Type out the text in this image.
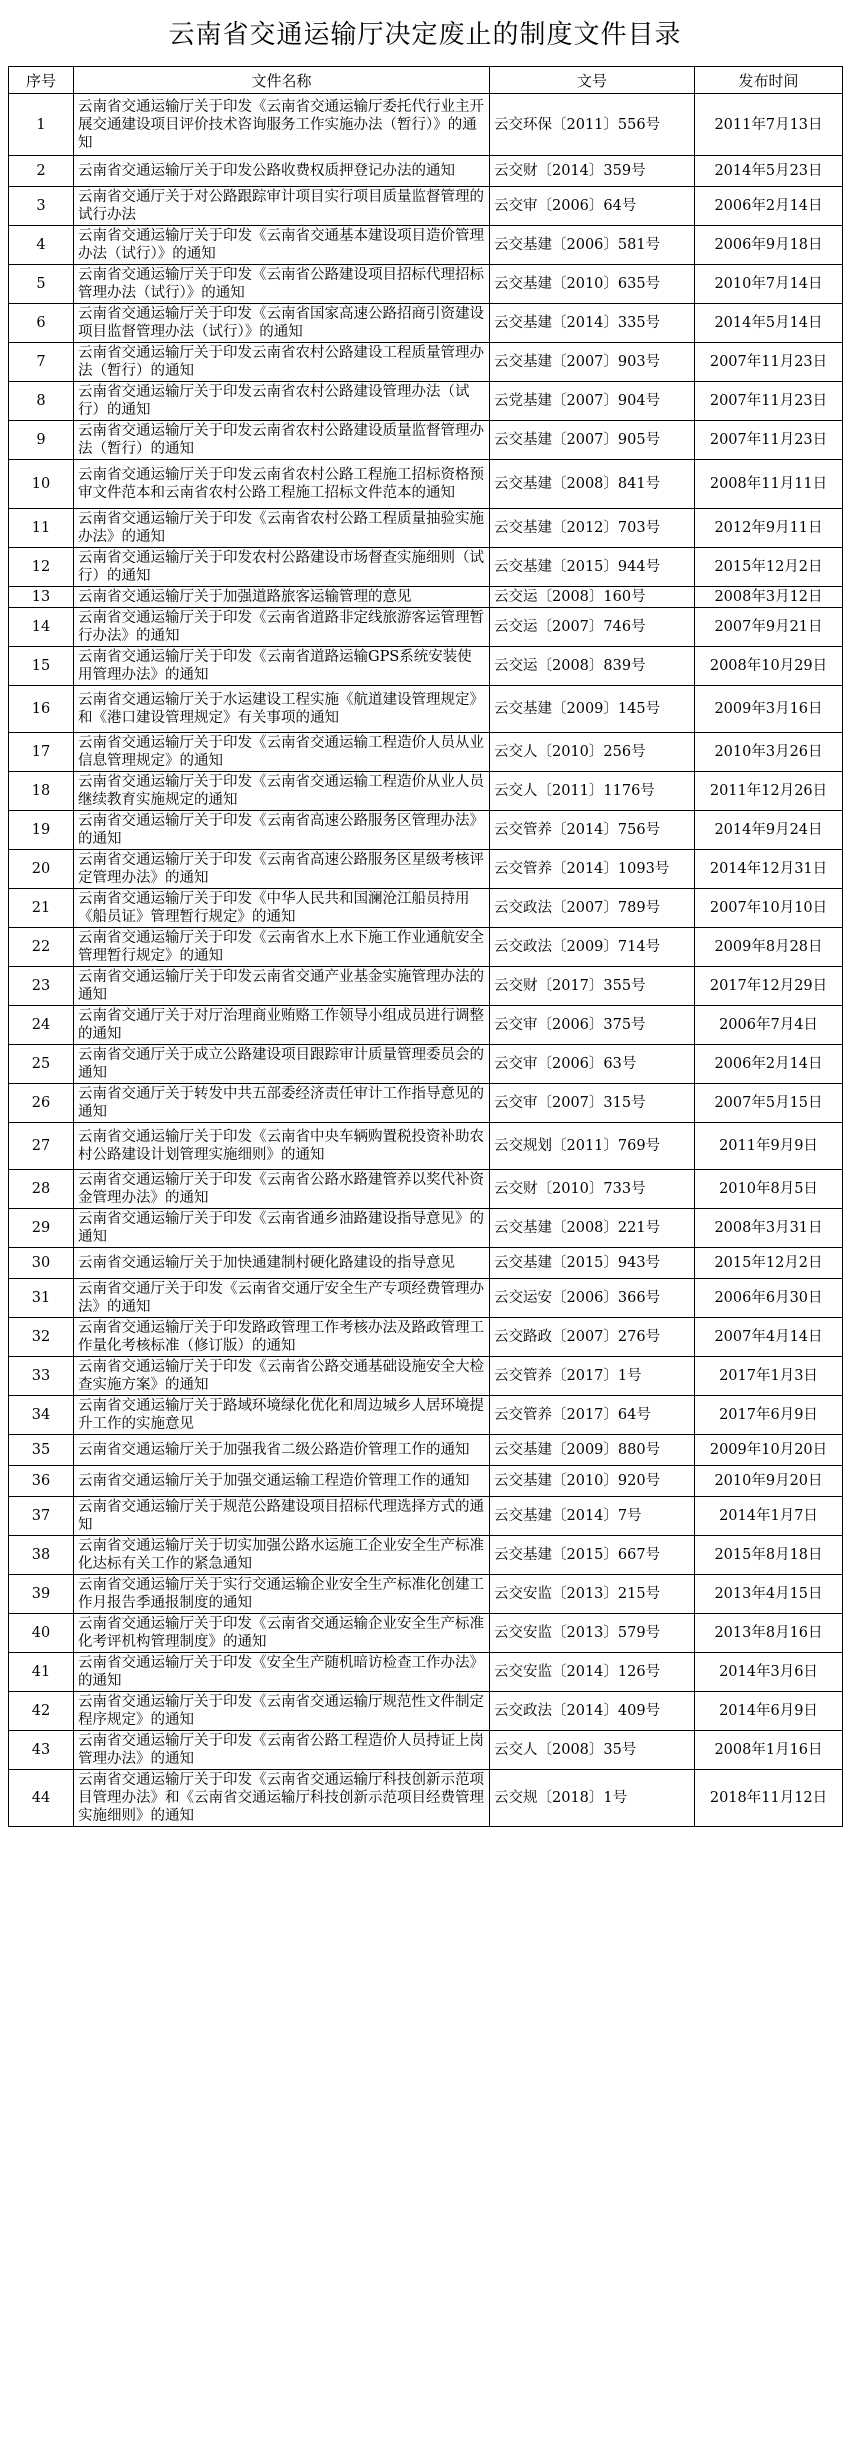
云南省交通运输厅决定废止的制度文件目录
序号	文件名称	文号	发布时间
1	云南省交通运输厅关于印发《云南省交通运输厅委托代行业主开展交通建设项目评价技术咨询服务工作实施办法（暂行）》的通知	云交环保〔2011〕556号	2011年7月13日
2	云南省交通运输厅关于印发公路收费权质押登记办法的通知	云交财〔2014〕359号	2014年5月23日
3	云南省交通厅关于对公路跟踪审计项目实行项目质量监督管理的试行办法	云交审〔2006〕64号	2006年2月14日
4	云南省交通运输厅关于印发《云南省交通基本建设项目造价管理办法（试行）》的通知	云交基建〔2006〕581号	2006年9月18日
5	云南省交通运输厅关于印发《云南省公路建设项目招标代理招标管理办法（试行）》的通知	云交基建〔2010〕635号	2010年7月14日
6	云南省交通运输厅关于印发《云南省国家高速公路招商引资建设项目监督管理办法（试行）》的通知	云交基建〔2014〕335号	2014年5月14日
7	云南省交通运输厅关于印发云南省农村公路建设工程质量管理办法（暂行）的通知	云交基建〔2007〕903号	2007年11月23日
8	云南省交通运输厅关于印发云南省农村公路建设管理办法（试行）的通知	云党基建〔2007〕904号	2007年11月23日
9	云南省交通运输厅关于印发云南省农村公路建设质量监督管理办法（暂行）的通知	云交基建〔2007〕905号	2007年11月23日
10	云南省交通运输厅关于印发云南省农村公路工程施工招标资格预审文件范本和云南省农村公路工程施工招标文件范本的通知	云交基建〔2008〕841号	2008年11月11日
11	云南省交通运输厅关于印发《云南省农村公路工程质量抽验实施办法》的通知	云交基建〔2012〕703号	2012年9月11日
12	云南省交通运输厅关于印发农村公路建设市场督查实施细则（试行）的通知	云交基建〔2015〕944号	2015年12月2日
13	云南省交通运输厅关于加强道路旅客运输管理的意见	云交运〔2008〕160号	2008年3月12日
14	云南省交通运输厅关于印发《云南省道路非定线旅游客运管理暂行办法》的通知	云交运〔2007〕746号	2007年9月21日
15	云南省交通运输厅关于印发《云南省道路运输GPS系统安装使用管理办法》的通知	云交运〔2008〕839号	2008年10月29日
16	云南省交通运输厅关于水运建设工程实施《航道建设管理规定》和《港口建设管理规定》有关事项的通知	云交基建〔2009〕145号	2009年3月16日
17	云南省交通运输厅关于印发《云南省交通运输工程造价人员从业信息管理规定》的通知	云交人〔2010〕256号	2010年3月26日
18	云南省交通运输厅关于印发《云南省交通运输工程造价从业人员继续教育实施规定的通知	云交人〔2011〕1176号	2011年12月26日
19	云南省交通运输厅关于印发《云南省高速公路服务区管理办法》的通知	云交管养〔2014〕756号	2014年9月24日
20	云南省交通运输厅关于印发《云南省高速公路服务区星级考核评定管理办法》的通知	云交管养〔2014〕1093号	2014年12月31日
21	云南省交通运输厅关于印发《中华人民共和国澜沧江船员持用《船员证》管理暂行规定》的通知	云交政法〔2007〕789号	2007年10月10日
22	云南省交通运输厅关于印发《云南省水上水下施工作业通航安全管理暂行规定》的通知	云交政法〔2009〕714号	2009年8月28日
23	云南省交通运输厅关于印发云南省交通产业基金实施管理办法的通知	云交财〔2017〕355号	2017年12月29日
24	云南省交通厅关于对厅治理商业贿赂工作领导小组成员进行调整的通知	云交审〔2006〕375号	2006年7月4日
25	云南省交通厅关于成立公路建设项目跟踪审计质量管理委员会的通知	云交审〔2006〕63号	2006年2月14日
26	云南省交通厅关于转发中共五部委经济责任审计工作指导意见的通知	云交审〔2007〕315号	2007年5月15日
27	云南省交通运输厅关于印发《云南省中央车辆购置税投资补助农村公路建设计划管理实施细则》的通知	云交规划〔2011〕769号	2011年9月9日
28	云南省交通运输厅关于印发《云南省公路水路建管养以奖代补资金管理办法》的通知	云交财〔2010〕733号	2010年8月5日
29	云南省交通运输厅关于印发《云南省通乡油路建设指导意见》的通知	云交基建〔2008〕221号	2008年3月31日
30	云南省交通运输厅关于加快通建制村硬化路建设的指导意见	云交基建〔2015〕943号	2015年12月2日
31	云南省交通厅关于印发《云南省交通厅安全生产专项经费管理办法》的通知	云交运安〔2006〕366号	2006年6月30日
32	云南省交通运输厅关于印发路政管理工作考核办法及路政管理工作量化考核标准（修订版）的通知	云交路政〔2007〕276号	2007年4月14日
33	云南省交通运输厅关于印发《云南省公路交通基础设施安全大检查实施方案》的通知	云交管养〔2017〕1号	2017年1月3日
34	云南省交通运输厅关于路域环境绿化优化和周边城乡人居环境提升工作的实施意见	云交管养〔2017〕64号	2017年6月9日
35	云南省交通运输厅关于加强我省二级公路造价管理工作的通知	云交基建〔2009〕880号	2009年10月20日
36	云南省交通运输厅关于加强交通运输工程造价管理工作的通知	云交基建〔2010〕920号	2010年9月20日
37	云南省交通运输厅关于规范公路建设项目招标代理选择方式的通知	云交基建〔2014〕7号	2014年1月7日
38	云南省交通运输厅关于切实加强公路水运施工企业安全生产标准化达标有关工作的紧急通知	云交基建〔2015〕667号	2015年8月18日
39	云南省交通运输厅关于实行交通运输企业安全生产标准化创建工作月报告季通报制度的通知	云交安监〔2013〕215号	2013年4月15日
40	云南省交通运输厅关于印发《云南省交通运输企业安全生产标准化考评机构管理制度》的通知	云交安监〔2013〕579号	2013年8月16日
41	云南省交通运输厅关于印发《安全生产随机暗访检查工作办法》的通知	云交安监〔2014〕126号	2014年3月6日
42	云南省交通运输厅关于印发《云南省交通运输厅规范性文件制定程序规定》的通知	云交政法〔2014〕409号	2014年6月9日
43	云南省交通运输厅关于印发《云南省公路工程造价人员持证上岗管理办法》的通知	云交人〔2008〕35号	2008年1月16日
44	云南省交通运输厅关于印发《云南省交通运输厅科技创新示范项目管理办法》和《云南省交通运输厅科技创新示范项目经费管理实施细则》的通知	云交规〔2018〕1号	2018年11月12日
